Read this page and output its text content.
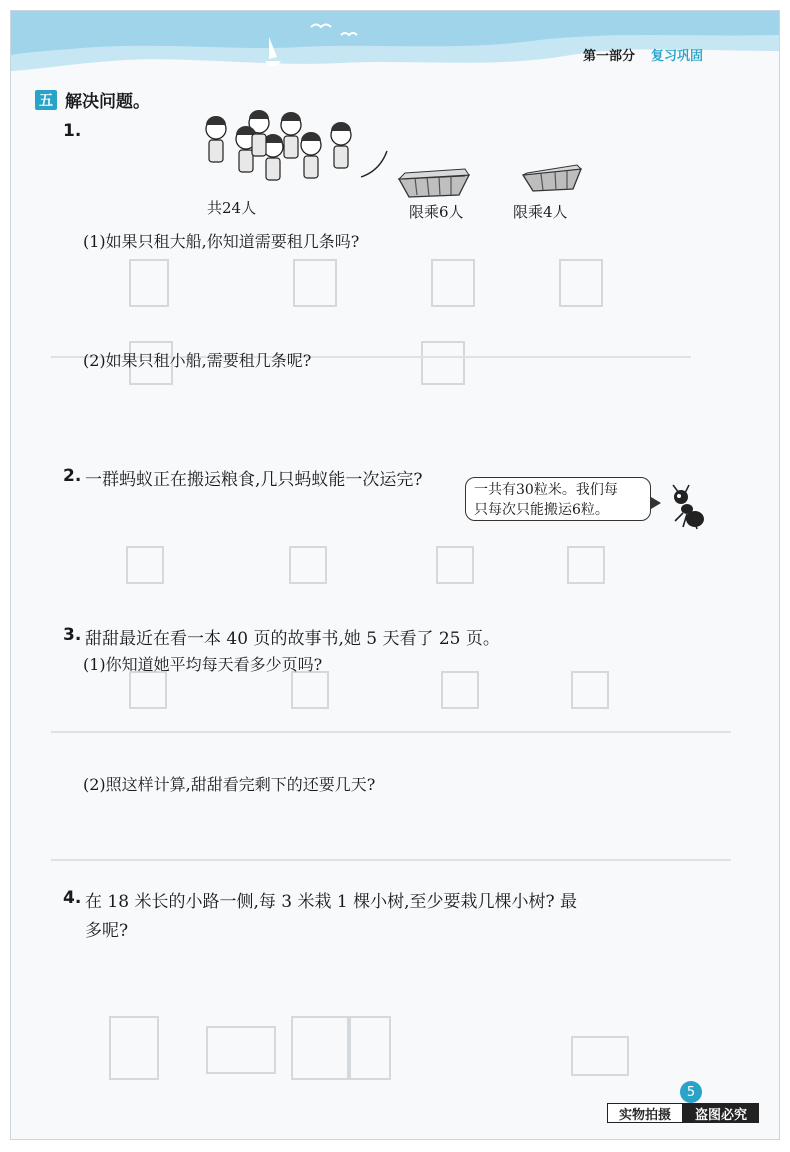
第一部分 复习巩固
五 解决问题。
1.
共24人	限乘6人	限乘4人
(1)如果只租大船,你知道需要租几条吗?
(2)如果只租小船,需要租几条呢?
2. 一群蚂蚁正在搬运粮食,几只蚂蚁能一次运完?	一共有30粒米。我们每
只每次只能搬运6粒。
3. 甜甜最近在看一本 40 页的故事书,她 5 天看了 25 页。
(1)你知道她平均每天看多少页吗?
(2)照这样计算,甜甜看完剩下的还要几天?
4. 在 18 米长的小路一侧,每 3 米栽 1 棵小树,至少要栽几棵小树? 最
多呢?
5
实物拍摄	盗图必究
